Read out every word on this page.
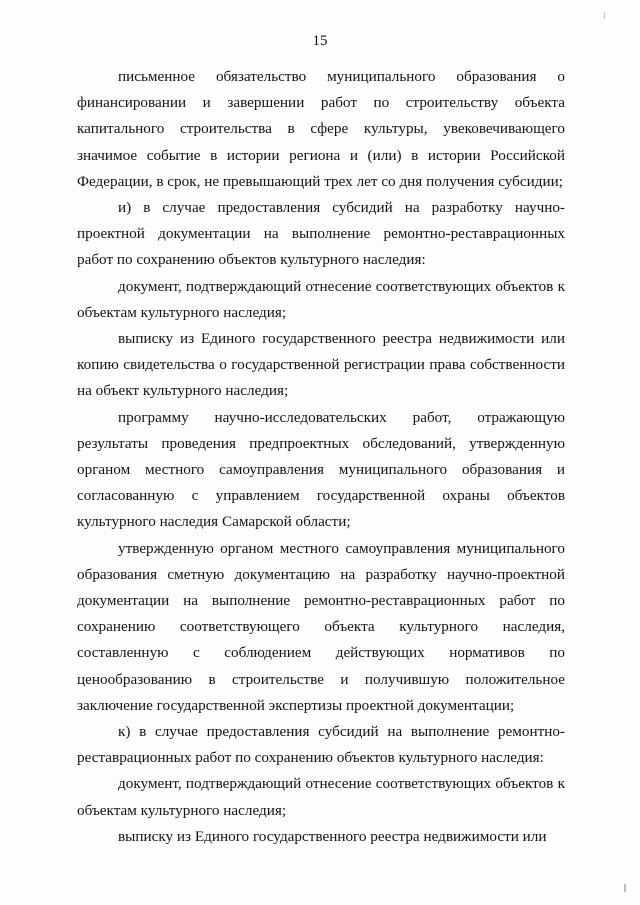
15

письменное обязательство муниципального образования о финансировании и завершении работ по строительству объекта капитального строительства в сфере культуры, увековечивающего значимое событие в истории региона и (или) в истории Российской Федерации, в срок, не превышающий трех лет со дня получения субсидии;

и) в случае предоставления субсидий на разработку научно-проектной документации на выполнение ремонтно-реставрационных работ по сохранению объектов культурного наследия:

документ, подтверждающий отнесение соответствующих объектов к объектам культурного наследия;

выписку из Единого государственного реестра недвижимости или копию свидетельства о государственной регистрации права собственности на объект культурного наследия;

программу научно-исследовательских работ, отражающую результаты проведения предпроектных обследований, утвержденную органом местного самоуправления муниципального образования и согласованную с управлением государственной охраны объектов культурного наследия Самарской области;

утвержденную органом местного самоуправления муниципального образования сметную документацию на разработку научно-проектной документации на выполнение ремонтно-реставрационных работ по сохранению соответствующего объекта культурного наследия, составленную с соблюдением действующих нормативов по ценообразованию в строительстве и получившую положительное заключение государственной экспертизы проектной документации;

к) в случае предоставления субсидий на выполнение ремонтно-реставрационных работ по сохранению объектов культурного наследия:

документ, подтверждающий отнесение соответствующих объектов к объектам культурного наследия;

выписку из Единого государственного реестра недвижимости или
